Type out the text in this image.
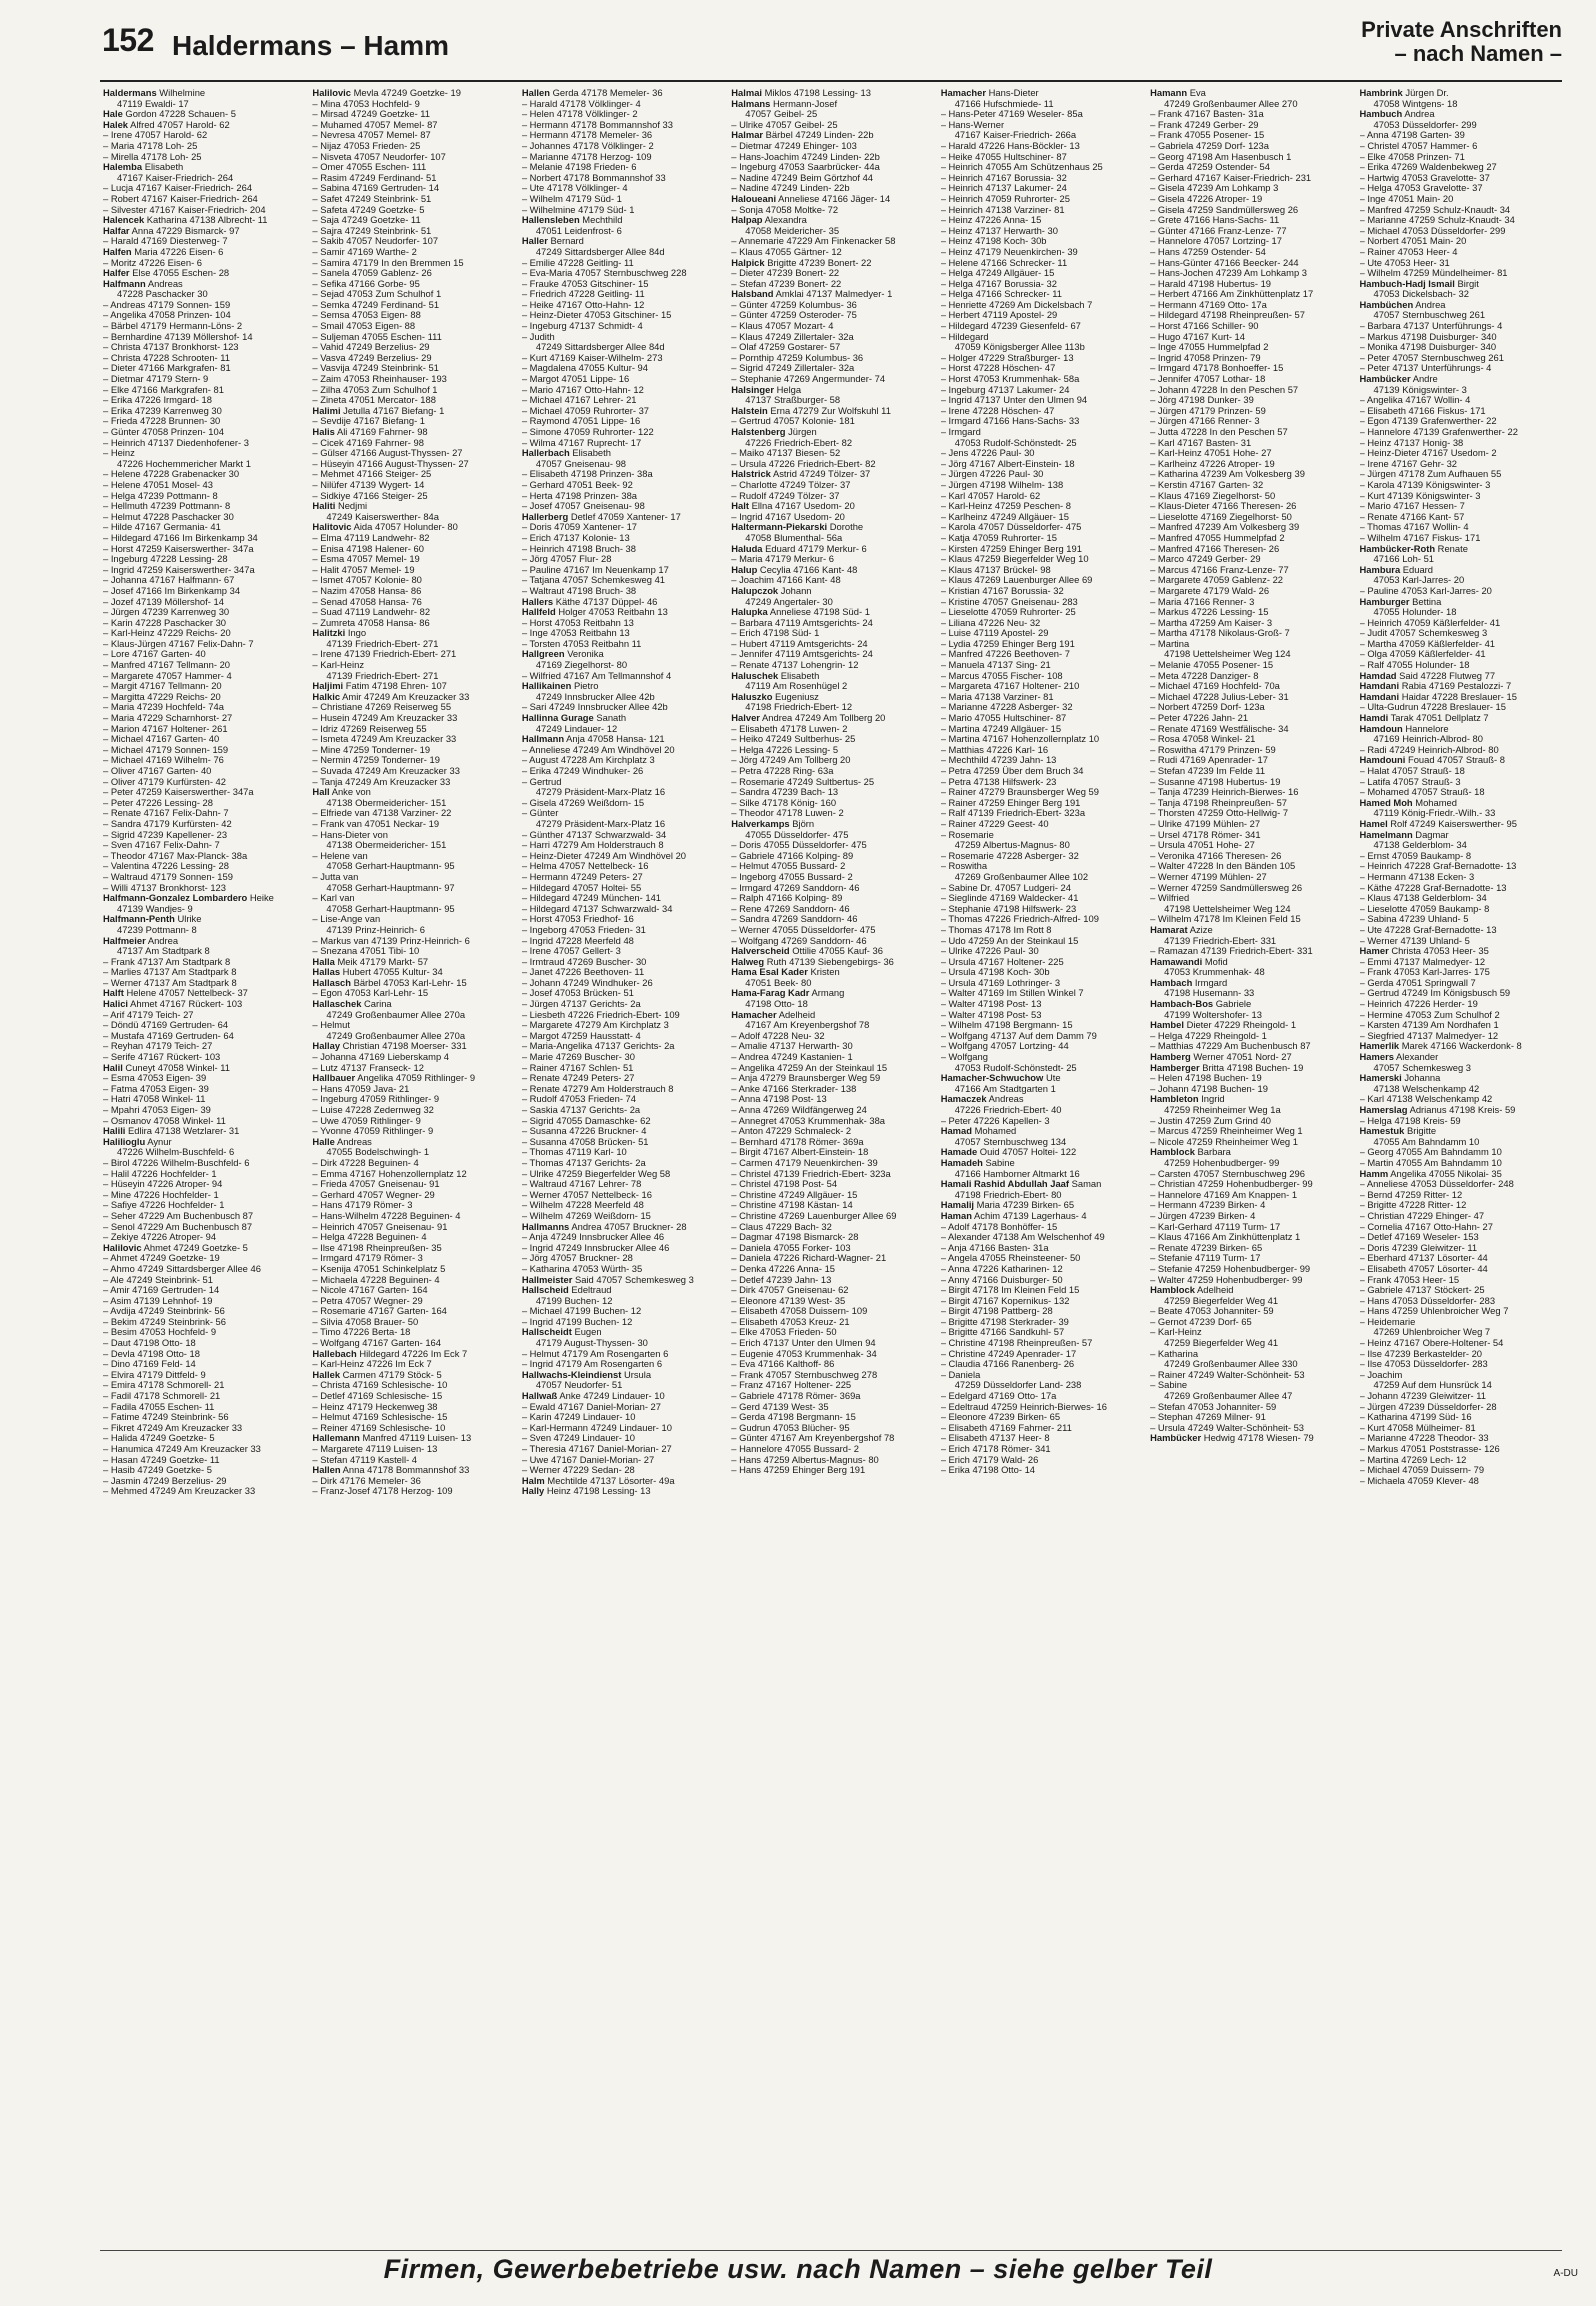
152 Haldermans – Hamm
Private Anschriften
– nach Namen –
Haldermans Wilhelmine
47119 Ewaldi- 17
Hale Gordon 47228 Schauen- 5
Halek Alfred 47057 Harold- 62
– Irene 47057 Harold- 62
– Maria 47178 Loh- 25
– Mirella 47178 Loh- 25
Halemba Elisabeth
47167 Kaiser-Friedrich- 264
– Lucja 47167 Kaiser-Friedrich- 264
– Robert 47167 Kaiser-Friedrich- 264
– Silvester 47167 Kaiser-Friedrich- 204
Halencek Katharina 47138 Albrecht- 11
Halfar Anna 47229 Bismarck- 97
– Harald 47169 Diesterweg- 7
Halfen Maria 47226 Eisen- 6
– Moritz 47226 Eisen- 6
Halfer Else 47055 Eschen- 28
Halfmann Andreas
47228 Paschacker 30
– Andreas 47179 Sonnen- 159
– Angelika 47058 Prinzen- 104
– Bärbel 47179 Hermann-Löns- 2
– Bernhardine 47139 Möllershof- 14
– Christa 47137 Bronkhorst- 123
– Christa 47228 Schrooten- 11
– Dieter 47166 Markgrafen- 81
– Dietmar 47179 Stern- 9
– Elke 47166 Markgrafen- 81
– Erika 47226 Irmgard- 18
– Erika 47239 Karrenweg 30
– Frieda 47228 Brunnen- 30
– Günter 47058 Prinzen- 104
– Heinrich 47137 Diedenhofener- 3
– Heinz
47226 Hochemmericher Markt 1
– Helene 47228 Grabenacker 30
– Helene 47051 Mosel- 43
– Helga 47239 Pottmann- 8
– Hellmuth 47239 Pottmann- 8
– Helmut 47228 Paschacker 30
– Hilde 47167 Germania- 41
– Hildegard 47166 Im Birkenkamp 34
– Horst 47259 Kaiserswerther- 347a
– Ingeburg 47228 Lessing- 28
– Ingrid 47259 Kaiserswerther- 347a
– Johanna 47167 Halfmann- 67
– Josef 47166 Im Birkenkamp 34
– Jozef 47139 Möllershof- 14
– Jürgen 47239 Karrenweg 30
– Karin 47228 Paschacker 30
– Karl-Heinz 47229 Reichs- 20
– Klaus-Jürgen 47167 Felix-Dahn- 7
– Lore 47167 Garten- 40
– Manfred 47167 Tellmann- 20
– Margarete 47057 Hammer- 4
– Margit 47167 Tellmann- 20
– Margitta 47229 Reichs- 20
– Maria 47239 Hochfeld- 74a
– Maria 47229 Scharnhorst- 27
– Marion 47167 Holtener- 261
– Michael 47167 Garten- 40
– Michael 47179 Sonnen- 159
– Michael 47169 Wilhelm- 76
– Oliver 47167 Garten- 40
– Oliver 47179 Kurfürsten- 42
– Peter 47259 Kaiserswerther- 347a
– Peter 47226 Lessing- 28
– Renate 47167 Felix-Dahn- 7
– Sandra 47179 Kurfürsten- 42
– Sigrid 47239 Kapellener- 23
– Sven 47167 Felix-Dahn- 7
– Theodor 47167 Max-Planck- 38a
– Valentina 47226 Lessing- 28
– Waltraud 47179 Sonnen- 159
– Willi 47137 Bronkhorst- 123
Halfmann-Gonzalez Lombardero Heike
47139 Wandjes- 9
Halfmann-Penth Ulrike
47239 Pottmann- 8
Halfmeier Andrea
47137 Am Stadtpark 8
– Frank 47137 Am Stadtpark 8
– Marlies 47137 Am Stadtpark 8
– Werner 47137 Am Stadtpark 8
Halft Helene 47057 Nettelbeck- 37
Halici Ahmet 47167 Rückert- 103
– Arif 47179 Teich- 27
– Döndü 47169 Gertruden- 64
– Mustafa 47169 Gertruden- 64
– Reyhan 47179 Teich- 27
– Serife 47167 Rückert- 103
Halil Cuneyt 47058 Winkel- 11
– Esma 47053 Eigen- 39
– Fatma 47053 Eigen- 39
– Hatri 47058 Winkel- 11
– Mpahri 47053 Eigen- 39
– Osmanov 47058 Winkel- 11
Halili Edlira 47138 Wetzlarer- 31
Halilioglu Aynur
47226 Wilhelm-Buschfeld- 6
– Birol 47226 Wilhelm-Buschfeld- 6
– Halil 47226 Hochfelder- 1
– Hüseyin 47226 Atroper- 94
– Mine 47226 Hochfelder- 1
– Safiye 47226 Hochfelder- 1
– Seher 47229 Am Buchenbusch 87
– Senol 47229 Am Buchenbusch 87
– Zekiye 47226 Atroper- 94
Halilovic Ahmet 47249 Goetzke- 5
– Ahmet 47249 Goetzke- 19
– Ahmo 47249 Sittardsberger Allee 46
– Ale 47249 Steinbrink- 51
– Amir 47169 Gertruden- 14
– Asim 47139 Lehnhof- 19
– Avdija 47249 Steinbrink- 56
– Bekim 47249 Steinbrink- 56
– Besim 47053 Hochfeld- 9
– Daut 47198 Otto- 18
– Devla 47198 Otto- 18
– Dino 47169 Feld- 14
– Elvira 47179 Dittfeld- 9
– Emira 47178 Schmorell- 21
– Fadil 47178 Schmorell- 21
– Fadila 47055 Eschen- 11
– Fatime 47249 Steinbrink- 56
– Fikret 47249 Am Kreuzacker 33
– Halida 47249 Goetzke- 5
– Hanumica 47249 Am Kreuzacker 33
– Hasan 47249 Goetzke- 11
– Hasib 47249 Goetzke- 5
– Jasmin 47249 Berzelius- 29
– Mehmed 47249 Am Kreuzacker 33
Halilovic Mevla 47249 Goetzke- 19
– Mina 47053 Hochfeld- 9
– Mirsad 47249 Goetzke- 11
– Muhamed 47057 Memel- 87
– Nevresa 47057 Memel- 87
– Nijaz 47053 Frieden- 25
– Nisveta 47057 Neudorfer- 107
– Omer 47055 Eschen- 111
– Rasim 47249 Ferdinand- 51
– Sabina 47169 Gertruden- 14
– Safet 47249 Steinbrink- 51
– Safeta 47249 Goetzke- 5
– Saja 47249 Goetzke- 11
– Sajra 47249 Steinbrink- 51
– Sakib 47057 Neudorfer- 107
– Samir 47169 Warthe- 2
– Samira 47179 In den Bremmen 15
– Sanela 47059 Gablenz- 26
– Sefika 47166 Gorbe- 95
– Sejad 47053 Zum Schulhof 1
– Semka 47249 Ferdinand- 51
– Semsa 47053 Eigen- 88
– Smail 47053 Eigen- 88
– Suljeman 47055 Eschen- 111
– Vahid 47249 Berzelius- 29
– Vasva 47249 Berzelius- 29
– Vasvija 47249 Steinbrink- 51
– Zaim 47053 Rheinhauser- 193
– Zilha 47053 Zum Schulhof 1
– Zineta 47051 Mercator- 188
Halimi Jetulla 47167 Biefang- 1
– Sevdije 47167 Biefang- 1
Halis Ali 47169 Fahrner- 98
– Cicek 47169 Fahrner- 98
– Gülser 47166 August-Thyssen- 27
– Hüseyin 47166 August-Thyssen- 27
– Mehmet 47166 Steiger- 25
– Nilüfer 47139 Wygert- 14
– Sidkiye 47166 Steiger- 25
Haliti Nedjmi
47249 Kaiserswerther- 84a
Halitovic Aida 47057 Holunder- 80
– Elma 47119 Landwehr- 82
– Enisa 47198 Halener- 60
– Esma 47057 Memel- 19
– Halit 47057 Memel- 19
– Ismet 47057 Kolonie- 80
– Nazim 47058 Hansa- 86
– Senad 47058 Hansa- 76
– Suad 47119 Landwehr- 82
– Zumreta 47058 Hansa- 86
Halitzki Ingo
47139 Friedrich-Ebert- 271
– Irene 47139 Friedrich-Ebert- 271
– Karl-Heinz
47139 Friedrich-Ebert- 271
Haljimi Fatim 47198 Ehren- 107
Halkic Amir 47249 Am Kreuzacker 33
– Christiane 47269 Reiserweg 55
– Husein 47249 Am Kreuzacker 33
– Idriz 47269 Reiserweg 55
– Ismeta 47249 Am Kreuzacker 33
– Mine 47259 Tonderner- 19
– Nermin 47259 Tonderner- 19
– Suvada 47249 Am Kreuzacker 33
– Tanja 47249 Am Kreuzacker 33
Hall Anke von
47138 Obermeidericher- 151
– Elfriede van 47138 Varziner- 22
– Frank van 47051 Neckar- 19
– Hans-Dieter von
47138 Obermeidericher- 151
– Helene van
47058 Gerhart-Hauptmann- 95
– Jutta van
47058 Gerhart-Hauptmann- 97
– Karl van
47058 Gerhart-Hauptmann- 95
– Lise-Ange van
47139 Prinz-Heinrich- 6
– Markus van 47139 Prinz-Heinrich- 6
– Snezana 47051 Tibi- 10
Halla Meik 47179 Markt- 57
Hallas Hubert 47055 Kultur- 34
Hallasch Bärbel 47053 Karl-Lehr- 15
– Egon 47053 Karl-Lehr- 15
Hallaschek Carina
47249 Großenbaumer Allee 270a
– Helmut
47249 Großenbaumer Allee 270a
Hallay Christian 47198 Moerser- 331
– Johanna 47169 Lieberskamp 4
– Lutz 47137 Franseck- 12
Hallbauer Angelika 47059 Rithlinger- 9
– Hans 47059 Java- 21
– Ingeburg 47059 Rithlinger- 9
– Luise 47228 Zedernweg 32
– Uwe 47059 Rithlinger- 9
– Yvonne 47059 Rithlinger- 9
Halle Andreas
47055 Bodelschwingh- 1
– Dirk 47228 Beguinen- 4
– Emma 47167 Hohenzollernplatz 12
– Frieda 47057 Gneisenau- 91
– Gerhard 47057 Wegner- 29
– Hans 47179 Römer- 3
– Hans-Wilhelm 47228 Beguinen- 4
– Heinrich 47057 Gneisenau- 91
– Helga 47228 Beguinen- 4
– Ilse 47198 Rheinpreußen- 35
– Irmgard 47179 Römer- 3
– Ksenija 47051 Schinkelplatz 5
– Michaela 47228 Beguinen- 4
– Nicole 47167 Garten- 164
– Petra 47057 Wegner- 29
– Rosemarie 47167 Garten- 164
– Silvia 47058 Brauer- 50
– Timo 47226 Berta- 18
– Wolfgang 47167 Garten- 164
Hallebach Hildegard 47226 Im Eck 7
– Karl-Heinz 47226 Im Eck 7
Hallek Carmen 47179 Stöck- 5
– Christa 47169 Schlesische- 10
– Detlef 47169 Schlesische- 15
– Heinz 47179 Heckenweg 38
– Helmut 47169 Schlesische- 15
– Reiner 47169 Schlesische- 10
Hallemann Manfred 47119 Luisen- 13
– Margarete 47119 Luisen- 13
– Stefan 47119 Kastell- 4
Hallen Anna 47178 Bommannshof 33
– Dirk 47176 Memeler- 36
– Franz-Josef 47178 Herzog- 109
Hallen Gerda 47178 Memeler- 36
– Harald 47178 Völklinger- 4
– Helen 47178 Völklinger- 2
– Hermann 47178 Bommannshof 33
– Hermann 47178 Memeler- 36
– Johannes 47178 Völklinger- 2
– Marianne 47178 Herzog- 109
– Melanie 47198 Frieden- 6
– Norbert 47178 Bommannshof 33
– Ute 47178 Völklinger- 4
– Wilhelm 47179 Süd- 1
– Wilhelmine 47179 Süd- 1
Hallensleben Mechthild
47051 Leidenfrost- 6
Haller Bernard
47249 Sittardsberger Allee 84d
– Emilie 47228 Geitling- 11
– Eva-Maria 47057 Sternbuschweg 228
– Frauke 47053 Gitschiner- 15
– Friedrich 47228 Geitling- 11
– Heike 47167 Otto-Hahn- 12
– Heinz-Dieter 47053 Gitschiner- 15
– Ingeburg 47137 Schmidt- 4
– Judith
47249 Sittardsberger Allee 84d
– Kurt 47169 Kaiser-Wilhelm- 273
– Magdalena 47055 Kultur- 94
– Margot 47051 Lippe- 16
– Mario 47167 Otto-Hahn- 12
– Michael 47167 Lehrer- 21
– Michael 47059 Ruhrorter- 37
– Raymond 47051 Lippe- 16
– Simone 47059 Ruhrorter- 122
– Wilma 47167 Ruprecht- 17
Hallerbach Elisabeth
47057 Gneisenau- 98
– Elisabeth 47198 Prinzen- 38a
– Gerhard 47051 Beek- 92
– Herta 47198 Prinzen- 38a
– Josef 47057 Gneisenau- 98
Hallerberg Detlef 47059 Xantener- 17
– Doris 47059 Xantener- 17
– Erich 47137 Kolonie- 13
– Heinrich 47198 Bruch- 38
– Jörg 47057 Flur- 28
– Pauline 47167 Im Neuenkamp 17
– Tatjana 47057 Schemkesweg 41
– Waltraut 47198 Bruch- 38
Hallers Käthe 47137 Düppel- 46
Hallfeld Holger 47053 Reitbahn 13
– Horst 47053 Reitbahn 13
– Inge 47053 Reitbahn 13
– Torsten 47053 Reitbahn 11
Hallgreen Veronika
47169 Ziegelhorst- 80
– Wilfried 47167 Am Tellmannshof 4
Hallikainen Pietro
47249 Innsbrucker Allee 42b
– Sari 47249 Innsbrucker Allee 42b
Hallinna Gurage Sanath
47249 Lindauer- 12
Hallmann Anja 47058 Hansa- 121
– Anneliese 47249 Am Windhövel 20
– August 47228 Am Kirchplatz 3
– Erika 47249 Windhuker- 26
– Gertrud
47279 Präsident-Marx-Platz 16
– Gisela 47269 Weißdorn- 15
– Günter
47279 Präsident-Marx-Platz 16
– Günther 47137 Schwarzwald- 34
– Harri 47279 Am Holderstrauch 8
– Heinz-Dieter 47249 Am Windhövel 20
– Helma 47057 Nettelbeck- 16
– Hermann 47249 Peters- 27
– Hildegard 47057 Holtei- 55
– Hildegard 47249 München- 141
– Hildegard 47137 Schwarzwald- 34
– Horst 47053 Friedhof- 16
– Ingeborg 47053 Frieden- 31
– Ingrid 47228 Meerfeld 48
– Irene 47057 Gellert- 3
– Irmtraud 47269 Buscher- 30
– Janet 47226 Beethoven- 11
– Johann 47249 Windhuker- 26
– Josef 47053 Brücken- 51
– Jürgen 47137 Gerichts- 2a
– Liesbeth 47226 Friedrich-Ebert- 109
– Margarete 47279 Am Kirchplatz 3
– Margot 47259 Hausstatt- 4
– Maria-Angelika 47137 Gerichts- 2a
– Marie 47269 Buscher- 30
– Rainer 47167 Schlen- 51
– Renate 47249 Peters- 27
– Renate 47279 Am Holderstrauch 8
– Rudolf 47053 Frieden- 74
– Saskia 47137 Gerichts- 2a
– Sigrid 47055 Damaschke- 62
– Susanna 47226 Bruckner- 4
– Susanna 47058 Brücken- 51
– Thomas 47119 Karl- 10
– Thomas 47137 Gerichts- 2a
– Ulrike 47259 Biegerfelder Weg 58
– Waltraud 47167 Lehrer- 78
– Werner 47057 Nettelbeck- 16
– Wilhelm 47228 Meerfeld 48
– Wilhelm 47269 Weißdorn- 15
Hallmanns Andrea 47057 Bruckner- 28
– Anja 47249 Innsbrucker Allee 46
– Ingrid 47249 Innsbrucker Allee 46
– Jörg 47057 Bruckner- 28
– Katharina 47053 Würth- 35
Hallmeister Said 47057 Schemkesweg 3
Hallscheid Edeltraud
47199 Buchen- 12
– Michael 47199 Buchen- 12
– Ingrid 47199 Buchen- 12
Hallscheidt Eugen
47179 August-Thyssen- 30
– Helmut 47179 Am Rosengarten 6
– Ingrid 47179 Am Rosengarten 6
Hallwachs-Kleindienst Ursula
47057 Neudorfer- 51
Hallwaß Anke 47249 Lindauer- 10
– Ewald 47167 Daniel-Morian- 27
– Karin 47249 Lindauer- 10
– Karl-Hermann 47249 Lindauer- 10
– Sven 47249 Lindauer- 10
– Theresia 47167 Daniel-Morian- 27
– Uwe 47167 Daniel-Morian- 27
– Werner 47229 Sedan- 28
Halm Mechtilde 47137 Lösorter- 49a
Hally Heinz 47198 Lessing- 13
Halmai Miklos 47198 Lessing- 13
Halmans Hermann-Josef
47057 Geibel- 25
– Ulrike 47057 Geibel- 25
Halmar Bärbel 47249 Linden- 22b
– Dietmar 47249 Ehinger- 103
– Hans-Joachim 47249 Linden- 22b
– Ingeburg 47053 Saarbrücker- 44a
– Nadine 47249 Beim Görtzhof 44
– Nadine 47249 Linden- 22b
Haloueani Anneliese 47166 Jäger- 14
– Sonja 47058 Moltke- 72
Halpap Alexandra
47058 Meidericher- 35
– Annemarie 47229 Am Finkenacker 58
– Klaus 47055 Gärtner- 12
Halpick Brigitte 47239 Bonert- 22
– Dieter 47239 Bonert- 22
– Stefan 47239 Bonert- 22
Halsband Amklai 47137 Malmedyer- 1
– Günter 47259 Kolumbus- 36
– Günter 47259 Osteroder- 75
– Klaus 47057 Mozart- 4
– Klaus 47249 Zillertaler- 32a
– Olaf 47259 Gostarer- 57
– Pornthip 47259 Kolumbus- 36
– Sigrid 47249 Zillertaler- 32a
– Stephanie 47269 Angermunder- 74
Halsinger Helga
47137 Straßburger- 58
Halstein Erna 47279 Zur Wolfskuhl 11
– Gertrud 47057 Kolonie- 181
Halstenberg Jürgen
47226 Friedrich-Ebert- 82
– Maiko 47137 Biesen- 52
– Ursula 47226 Friedrich-Ebert- 82
Halstrick Astrid 47249 Tölzer- 37
– Charlotte 47249 Tölzer- 37
– Rudolf 47249 Tölzer- 37
Halt Ellna 47167 Usedom- 20
– Ingrid 47167 Usedom- 20
Haltermann-Piekarski Dorothe
47058 Blumenthal- 56a
Haluda Eduard 47179 Merkur- 6
– Maria 47179 Merkur- 6
Halup Cecylia 47166 Kant- 48
– Joachim 47166 Kant- 48
Halupczok Johann
47249 Angertaler- 30
Halupka Anneliese 47198 Süd- 1
– Barbara 47119 Amtsgerichts- 24
– Erich 47198 Süd- 1
– Hubert 47119 Amtsgerichts- 24
– Jennifer 47119 Amtsgerichts- 24
– Renate 47137 Lohengrin- 12
Haluschek Elisabeth
47119 Am Rosenhügel 2
Haluszko Eugeniusz
47198 Friedrich-Ebert- 12
Halver Andrea 47249 Am Tollberg 20
– Elisabeth 47178 Luwen- 2
– Heiko 47249 Sultberhus- 25
– Helga 47226 Lessing- 5
– Jörg 47249 Am Tollberg 20
– Petra 47228 Ring- 63a
– Rosemarie 47249 Sultbertus- 25
– Sandra 47239 Bach- 13
– Silke 47178 König- 160
– Theodor 47178 Luwen- 2
Halverkamps Björn
47055 Düsseldorfer- 475
– Doris 47055 Düsseldorfer- 475
– Gabriele 47166 Kolping- 89
– Helmut 47055 Bussard- 2
– Ingeborg 47055 Bussard- 2
– Irmgard 47269 Sanddorn- 46
– Ralph 47166 Kolping- 89
– Rene 47269 Sanddorn- 46
– Sandra 47269 Sanddorn- 46
– Werner 47055 Düsseldorfer- 475
– Wolfgang 47269 Sanddorn- 46
Halverscheid Ottilie 47055 Kauf- 36
Halweg Ruth 47139 Siebengebirgs- 36
Hama Esal Kader Kristen
47051 Beek- 80
Hama-Farag Kadr Armang
47198 Otto- 18
Hamacher Adelheid
47167 Am Kreyenbergshof 78
– Adolf 47228 Neu- 32
– Amalie 47137 Herwarth- 30
– Andrea 47249 Kastanien- 1
– Angelika 47259 An der Steinkaul 15
– Anja 47279 Braunsberger Weg 59
– Anke 47166 Sterkrader- 138
– Anna 47198 Post- 13
– Anna 47269 Wildfängerweg 24
– Annegret 47053 Krummenhak- 38a
– Anton 47229 Schmaleck- 2
– Bernhard 47178 Römer- 369a
– Birgit 47167 Albert-Einstein- 18
– Carmen 47179 Neuenkirchen- 39
– Christel 47139 Friedrich-Ebert- 323a
– Christel 47198 Post- 54
– Christine 47249 Allgäuer- 15
– Christine 47198 Kästan- 14
– Christine 47269 Lauenburger Allee 69
– Claus 47229 Bach- 32
– Dagmar 47198 Bismarck- 28
– Daniela 47055 Forker- 103
– Daniela 47226 Richard-Wagner- 21
– Denka 47226 Anna- 15
– Detlef 47239 Jahn- 13
– Dirk 47057 Gneisenau- 62
– Eleonore 47139 West- 35
– Elisabeth 47058 Duissern- 109
– Elisabeth 47053 Kreuz- 21
– Elke 47053 Frieden- 50
– Erich 47137 Unter den Ulmen 94
– Eugenie 47053 Krummenhak- 34
– Eva 47166 Kalthoff- 86
– Frank 47057 Sternbuschweg 278
– Franz 47167 Holtener- 225
– Gabriele 47178 Römer- 369a
– Gerd 47139 West- 35
– Gerda 47198 Bergmann- 15
– Gudrun 47053 Blücher- 95
– Günter 47167 Am Kreyenbergshof 78
– Hannelore 47055 Bussard- 2
– Hans 47259 Albertus-Magnus- 80
– Hans 47259 Ehinger Berg 191
Hamacher Hans-Dieter
47166 Hufschmiede- 11
– Hans-Peter 47169 Weseler- 85a
– Hans-Werner
47167 Kaiser-Friedrich- 266a
– Harald 47226 Hans-Böckler- 13
– Heike 47055 Hultschiner- 87
– Heinrich 47055 Am Schützenhaus 25
– Heinrich 47167 Borussia- 32
– Heinrich 47137 Lakumer- 24
– Heinrich 47059 Ruhrorter- 25
– Heinrich 47138 Varziner- 81
– Heinz 47226 Anna- 15
– Heinz 47137 Herwarth- 30
– Heinz 47198 Koch- 30b
– Heinz 47179 Neuenkirchen- 39
– Helene 47166 Schrecker- 11
– Helga 47249 Allgäuer- 15
– Helga 47167 Borussia- 32
– Helga 47166 Schrecker- 11
– Henriette 47269 Am Dickelsbach 7
– Herbert 47119 Apostel- 29
– Hildegard 47239 Giesenfeld- 67
– Hildegard
47059 Königsberger Allee 113b
– Holger 47229 Straßburger- 13
– Horst 47228 Höschen- 47
– Horst 47053 Krummenhak- 58a
– Ingeburg 47137 Lakumer- 24
– Ingrid 47137 Unter den Ulmen 94
– Irene 47228 Höschen- 47
– Irmgard 47166 Hans-Sachs- 33
– Irmgard
47053 Rudolf-Schönstedt- 25
– Jens 47226 Paul- 30
– Jörg 47167 Albert-Einstein- 18
– Jürgen 47226 Paul- 30
– Jürgen 47198 Wilhelm- 138
– Karl 47057 Harold- 62
– Karl-Heinz 47259 Peschen- 8
– Karlheinz 47249 Allgäuer- 15
– Karola 47057 Düsseldorfer- 475
– Katja 47059 Ruhrorter- 15
– Kirsten 47259 Ehinger Berg 191
– Klaus 47259 Biegerfelder Weg 10
– Klaus 47137 Brückel- 98
– Klaus 47269 Lauenburger Allee 69
– Kristian 47167 Borussia- 32
– Kristine 47057 Gneisenau- 283
– Lieselotte 47059 Ruhrorter- 25
– Liliana 47226 Neu- 32
– Luise 47119 Apostel- 29
– Lydia 47259 Ehinger Berg 191
– Manfred 47226 Beethoven- 7
– Manuela 47137 Sing- 21
– Marcus 47055 Fischer- 108
– Margareta 47167 Holtener- 210
– Maria 47138 Varziner- 81
– Marianne 47228 Asberger- 32
– Mario 47055 Hultschiner- 87
– Martina 47249 Allgäuer- 15
– Martina 47167 Hohenzollernplatz 10
– Matthias 47226 Karl- 16
– Mechthild 47239 Jahn- 13
– Petra 47259 Über dem Bruch 34
– Petra 47138 Hilfswerk- 23
– Rainer 47279 Braunsberger Weg 59
– Rainer 47259 Ehinger Berg 191
– Ralf 47139 Friedrich-Ebert- 323a
– Rainer 47229 Geest- 40
– Rosemarie
47259 Albertus-Magnus- 80
– Rosemarie 47228 Asberger- 32
– Roswitha
47269 Großenbaumer Allee 102
– Sabine Dr. 47057 Ludgeri- 24
– Sieglinde 47169 Waldecker- 41
– Stephanie 47198 Hilfswerk- 23
– Thomas 47226 Friedrich-Alfred- 109
– Thomas 47178 Im Rott 8
– Udo 47259 An der Steinkaul 15
– Ulrike 47226 Paul- 30
– Ursula 47167 Holtener- 225
– Ursula 47198 Koch- 30b
– Ursula 47169 Lothringer- 3
– Walter 47169 Im Stillen Winkel 7
– Walter 47198 Post- 13
– Walter 47198 Post- 53
– Wilhelm 47198 Bergmann- 15
– Wolfgang 47137 Auf dem Damm 79
– Wolfgang 47057 Lortzing- 44
– Wolfgang
47053 Rudolf-Schönstedt- 25
Hamacher-Schwuchow Ute
47166 Am Stadtgarten 1
Hamaczek Andreas
47226 Friedrich-Ebert- 40
– Peter 47226 Kapellen- 3
Hamad Mohamed
47057 Sternbuschweg 134
Hamade Ouid 47057 Holtei- 122
Hamadeh Sabine
47166 Hamborner Altmarkt 16
Hamali Rashid Abdullah Jaaf Saman
47198 Friedrich-Ebert- 80
Hamalij Maria 47239 Birken- 65
Haman Achim 47139 Lagerhaus- 4
– Adolf 47178 Bonhöffer- 15
– Alexander 47138 Am Welschenhof 49
– Anja 47166 Basten- 31a
– Angela 47055 Rheinsteener- 50
– Anna 47226 Katharinen- 12
– Anny 47166 Duisburger- 50
– Birgit 47178 Im Kleinen Feld 15
– Birgit 47167 Kopernikus- 132
– Birgit 47198 Pattberg- 28
– Brigitte 47198 Sterkrader- 39
– Brigitte 47166 Sandkuhl- 57
– Christine 47198 Rheinpreußen- 57
– Christine 47249 Apenrader- 17
– Claudia 47166 Ranenberg- 26
– Daniela
47259 Düsseldorfer Land- 238
– Edelgard 47169 Otto- 17a
– Edeltraud 47259 Heinrich-Bierwes- 16
– Eleonore 47239 Birken- 65
– Elisabeth 47169 Fahrner- 211
– Elisabeth 47137 Heer- 8
– Erich 47178 Römer- 341
– Erich 47179 Wald- 26
– Erika 47198 Otto- 14
Hamann Eva
47249 Großenbaumer Allee 270
– Frank 47167 Basten- 31a
– Frank 47249 Gerber- 29
– Frank 47055 Posener- 15
– Gabriela 47259 Dorf- 123a
– Georg 47198 Am Hasenbusch 1
– Gerda 47259 Ostender- 54
– Gerhard 47167 Kaiser-Friedrich- 231
– Gisela 47239 Am Lohkamp 3
– Gisela 47226 Atroper- 19
– Gisela 47259 Sandmüllersweg 26
– Grete 47166 Hans-Sachs- 11
– Günter 47166 Franz-Lenze- 77
– Hannelore 47057 Lortzing- 17
– Hans 47259 Ostender- 54
– Hans-Günter 47166 Beecker- 244
– Hans-Jochen 47239 Am Lohkamp 3
– Harald 47198 Hubertus- 19
– Herbert 47166 Am Zinkhüttenplatz 17
– Hermann 47169 Otto- 17a
– Hildegard 47198 Rheinpreußen- 57
– Horst 47166 Schiller- 90
– Hugo 47167 Kurt- 14
– Inge 47055 Hummelpfad 2
– Ingrid 47058 Prinzen- 79
– Irmgard 47178 Bonhoeffer- 15
– Jennifer 47057 Lothar- 18
– Johann 47228 In den Peschen 57
– Jörg 47198 Dunker- 39
– Jürgen 47179 Prinzen- 59
– Jürgen 47166 Renner- 3
– Jutta 47228 In den Peschen 57
– Karl 47167 Basten- 31
– Karl-Heinz 47051 Hohe- 27
– Karlheinz 47226 Atroper- 19
– Katharina 47239 Am Volkesberg 39
– Kerstin 47167 Garten- 32
– Klaus 47169 Ziegelhorst- 50
– Klaus-Dieter 47166 Theresen- 26
– Lieselotte 47169 Ziegelhorst- 50
– Manfred 47239 Am Volkesberg 39
– Manfred 47055 Hummelpfad 2
– Manfred 47166 Theresen- 26
– Marco 47249 Gerber- 29
– Marcus 47166 Franz-Lenze- 77
– Margarete 47059 Gablenz- 22
– Margarete 47179 Wald- 26
– Maria 47166 Renner- 3
– Markus 47226 Lessing- 15
– Martha 47259 Am Kaiser- 3
– Martha 47178 Nikolaus-Groß- 7
– Martina
47198 Uettelsheimer Weg 124
– Melanie 47055 Posener- 15
– Meta 47228 Danziger- 8
– Michael 47169 Hochfeld- 70a
– Michael 47228 Julius-Leber- 31
– Norbert 47259 Dorf- 123a
– Peter 47226 Jahn- 21
– Renate 47169 Westfälische- 34
– Rosa 47058 Winkel- 21
– Roswitha 47179 Prinzen- 59
– Rudi 47169 Apenrader- 17
– Stefan 47239 Im Felde 11
– Susanne 47198 Hubertus- 19
– Tanja 47239 Heinrich-Bierwes- 16
– Tanja 47198 Rheinpreußen- 57
– Thorsten 47259 Otto-Hellwig- 7
– Ulrike 47199 Mühlen- 27
– Ursel 47178 Römer- 341
– Ursula 47051 Hohe- 27
– Veronika 47166 Theresen- 26
– Walter 47228 In den Bänden 105
– Werner 47199 Mühlen- 27
– Werner 47259 Sandmüllersweg 26
– Wilfried
47198 Uettelsheimer Weg 124
– Wilhelm 47178 Im Kleinen Feld 15
Hamarat Azize
47139 Friedrich-Ebert- 331
– Ramazan 47139 Friedrich-Ebert- 331
Hamawandi Mofid
47053 Krummenhak- 48
Hambach Irmgard
47198 Husemann- 33
Hambach-Bos Gabriele
47199 Woltershofer- 13
Hambel Dieter 47229 Rheingold- 1
– Helga 47229 Rheingold- 1
– Matthias 47229 Am Buchenbusch 87
Hamberg Werner 47051 Nord- 27
Hamberger Britta 47198 Buchen- 19
– Helen 47198 Buchen- 19
– Johann 47198 Buchen- 19
Hambleton Ingrid
47259 Rheinheimer Weg 1a
– Justin 47259 Zum Grind 40
– Marcus 47259 Rheinheimer Weg 1
– Nicole 47259 Rheinheimer Weg 1
Hamblock Barbara
47259 Hohenbudberger- 99
– Carsten 47057 Sternbuschweg 296
– Christian 47259 Hohenbudberger- 99
– Hannelore 47169 Am Knappen- 1
– Hermann 47239 Birken- 4
– Jürgen 47239 Birken- 4
– Karl-Gerhard 47119 Turm- 17
– Klaus 47166 Am Zinkhüttenplatz 1
– Renate 47239 Birken- 65
– Stefanie 47119 Turm- 17
– Stefanie 47259 Hohenbudberger- 99
– Walter 47259 Hohenbudberger- 99
Hamblock Adelheid
47259 Biegerfelder Weg 41
– Beate 47053 Johanniter- 59
– Gernot 47239 Dorf- 65
– Karl-Heinz
47259 Biegerfelder Weg 41
– Katharina
47249 Großenbaumer Allee 330
– Rainer 47249 Walter-Schönheit- 53
– Sabine
47269 Großenbaumer Allee 47
– Stefan 47053 Johanniter- 59
– Stephan 47269 Milner- 91
– Ursula 47249 Walter-Schönheit- 53
Hambücker Hedwig 47178 Wiesen- 79
Hambrink Jürgen Dr.
47058 Wintgens- 18
Hambuch Andrea
47053 Düsseldorfer- 299
– Anna 47198 Garten- 39
– Christel 47057 Hammer- 6
– Elke 47058 Prinzen- 71
– Erika 47269 Waldenbekweg 27
– Hartwig 47053 Gravelotte- 37
– Helga 47053 Gravelotte- 37
– Inge 47051 Main- 20
– Manfred 47259 Schulz-Knaudt- 34
– Marianne 47259 Schulz-Knaudt- 34
– Michael 47053 Düsseldorfer- 299
– Norbert 47051 Main- 20
– Rainer 47053 Heer- 4
– Ute 47053 Heer- 31
– Wilhelm 47259 Mündelheimer- 81
Hambuch-Hadj Ismail Birgit
47053 Dickelsbach- 32
Hambüchen Andrea
47057 Sternbuschweg 261
– Barbara 47137 Unterführungs- 4
– Markus 47198 Duisburger- 340
– Monika 47198 Duisburger- 340
– Peter 47057 Sternbuschweg 261
– Peter 47137 Unterführungs- 4
Hambücker Andre
47139 Königswinter- 3
– Angelika 47167 Wollin- 4
– Elisabeth 47166 Fiskus- 171
– Egon 47139 Grafenwerther- 22
– Hannelore 47139 Grafenwerther- 22
– Heinz 47137 Honig- 38
– Heinz-Dieter 47167 Usedom- 2
– Irene 47167 Gehr- 32
– Jürgen 47178 Zum Aufhauen 55
– Karola 47139 Königswinter- 3
– Kurt 47139 Königswinter- 3
– Mario 47167 Hessen- 7
– Renate 47166 Kant- 57
– Thomas 47167 Wollin- 4
– Wilhelm 47167 Fiskus- 171
Hambücker-Roth Renate
47166 Loh- 51
Hambura Eduard
47053 Karl-Jarres- 20
– Pauline 47053 Karl-Jarres- 20
Hamburger Bettina
47055 Holunder- 18
– Heinrich 47059 Käßlerfelder- 41
– Judit 47057 Schemkesweg 3
– Martha 47059 Käßlerfelder- 41
– Olga 47059 Käßlerfelder- 41
– Ralf 47055 Holunder- 18
Hamdad Said 47228 Flutweg 77
Hamdani Rabia 47169 Pestalozzi- 7
Hamdani Haidar 47228 Breslauer- 15
– Ulta-Gudrun 47228 Breslauer- 15
Hamdi Tarak 47051 Dellplatz 7
Hamdoun Hannelore
47169 Heinrich-Albrod- 80
– Radi 47249 Heinrich-Albrod- 80
Hamdouni Fouad 47057 Strauß- 8
– Halat 47057 Strauß- 18
– Latifa 47057 Strauß- 3
– Mohamed 47057 Strauß- 18
Hamed Moh Mohamed
47119 König-Friedr.-Wilh.- 33
Hamel Rolf 47249 Kaiserswerther- 95
Hamelmann Dagmar
47138 Gelderblom- 34
– Ernst 47059 Baukamp- 8
– Heinrich 47228 Graf-Bernadotte- 13
– Hermann 47138 Ecken- 3
– Käthe 47228 Graf-Bernadotte- 13
– Klaus 47138 Gelderblom- 34
– Lieselotte 47059 Baukamp- 8
– Sabina 47239 Uhland- 5
– Ute 47228 Graf-Bernadotte- 13
– Werner 47139 Uhland- 5
Hamer Christa 47053 Heer- 35
– Emmi 47137 Malmedyer- 12
– Frank 47053 Karl-Jarres- 175
– Gerda 47051 Springwall 7
– Gertrud 47249 Im Königsbusch 59
– Heinrich 47226 Herder- 19
– Hermine 47053 Zum Schulhof 2
– Karsten 47139 Am Nordhafen 1
– Siegfried 47137 Malmedyer- 12
Hamerlik Marek 47166 Wackerdonk- 8
Hamers Alexander
47057 Schemkesweg 3
Hamerski Johanna
47138 Welschenkamp 42
– Karl 47138 Welschenkamp 42
Hamerslag Adrianus 47198 Kreis- 59
– Helga 47198 Kreis- 59
Hamestuk Brigitte
47055 Am Bahndamm 10
– Georg 47055 Am Bahndamm 10
– Martin 47055 Am Bahndamm 10
Hamm Angelika 47055 Nikolai- 35
– Anneliese 47053 Düsseldorfer- 248
– Bernd 47259 Ritter- 12
– Brigitte 47228 Ritter- 12
– Christian 47229 Ehinger- 47
– Cornelia 47167 Otto-Hahn- 27
– Detlef 47169 Weseler- 153
– Doris 47239 Gleiwitzer- 11
– Eberhard 47137 Lösorter- 44
– Elisabeth 47057 Lösorter- 44
– Frank 47053 Heer- 15
– Gabriele 47137 Stöckert- 25
– Hans 47053 Düsseldorfer- 283
– Hans 47259 Uhlenbroicher Weg 7
– Heidemarie
47269 Uhlenbroicher Weg 7
– Heinz 47167 Obere-Holtener- 54
– Ilse 47239 Berkastelder- 20
– Ilse 47053 Düsseldorfer- 283
– Joachim
47259 Auf dem Hunsrück 14
– Johann 47239 Gleiwitzer- 11
– Jürgen 47239 Düsseldorfer- 28
– Katharina 47199 Süd- 16
– Kurt 47058 Mülheimer- 81
– Marianne 47228 Theodor- 33
– Markus 47051 Poststrasse- 126
– Martina 47269 Lech- 12
– Michael 47059 Duissern- 79
– Michaela 47059 Klever- 48
Firmen, Gewerbebetriebe usw. nach Namen – siehe gelber Teil	A-DU
